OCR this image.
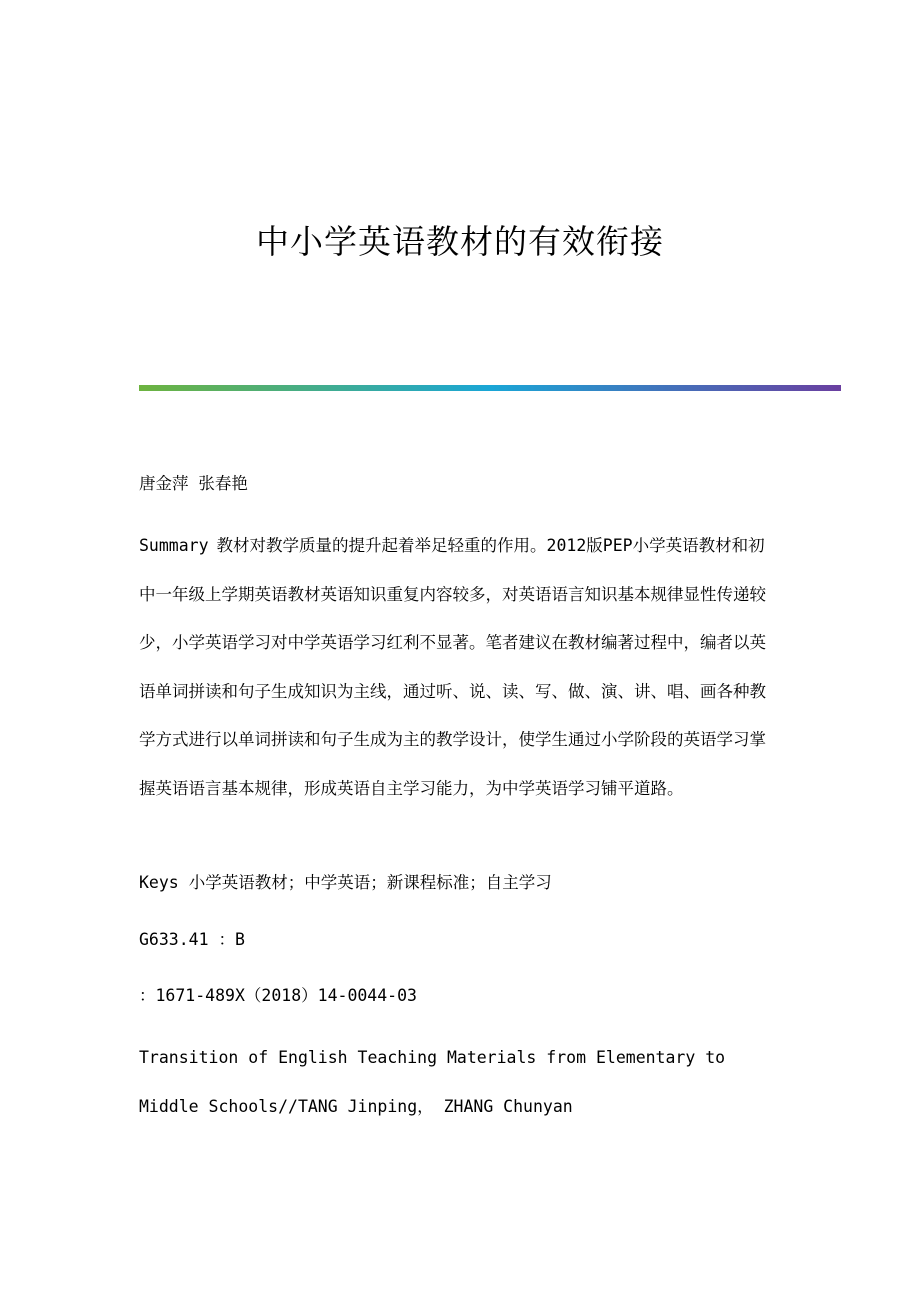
中小学英语教材的有效衔接

唐金萍 张春艳

Summary 教材对教学质量的提升起着举足轻重的作用。2012版PEP小学英语教材和初中一年级上学期英语教材英语知识重复内容较多，对英语语言知识基本规律显性传递较少，小学英语学习对中学英语学习红利不显著。笔者建议在教材编著过程中，编者以英语单词拼读和句子生成知识为主线，通过听、说、读、写、做、演、讲、唱、画各种教学方式进行以单词拼读和句子生成为主的教学设计，使学生通过小学阶段的英语学习掌握英语语言基本规律，形成英语自主学习能力，为中学英语学习铺平道路。

Keys 小学英语教材；中学英语；新课程标准；自主学习

G633.41 ：B

：1671-489X（2018）14-0044-03

Transition of English Teaching Materials from Elementary to Middle Schools//TANG Jinping， ZHANG Chunyan
